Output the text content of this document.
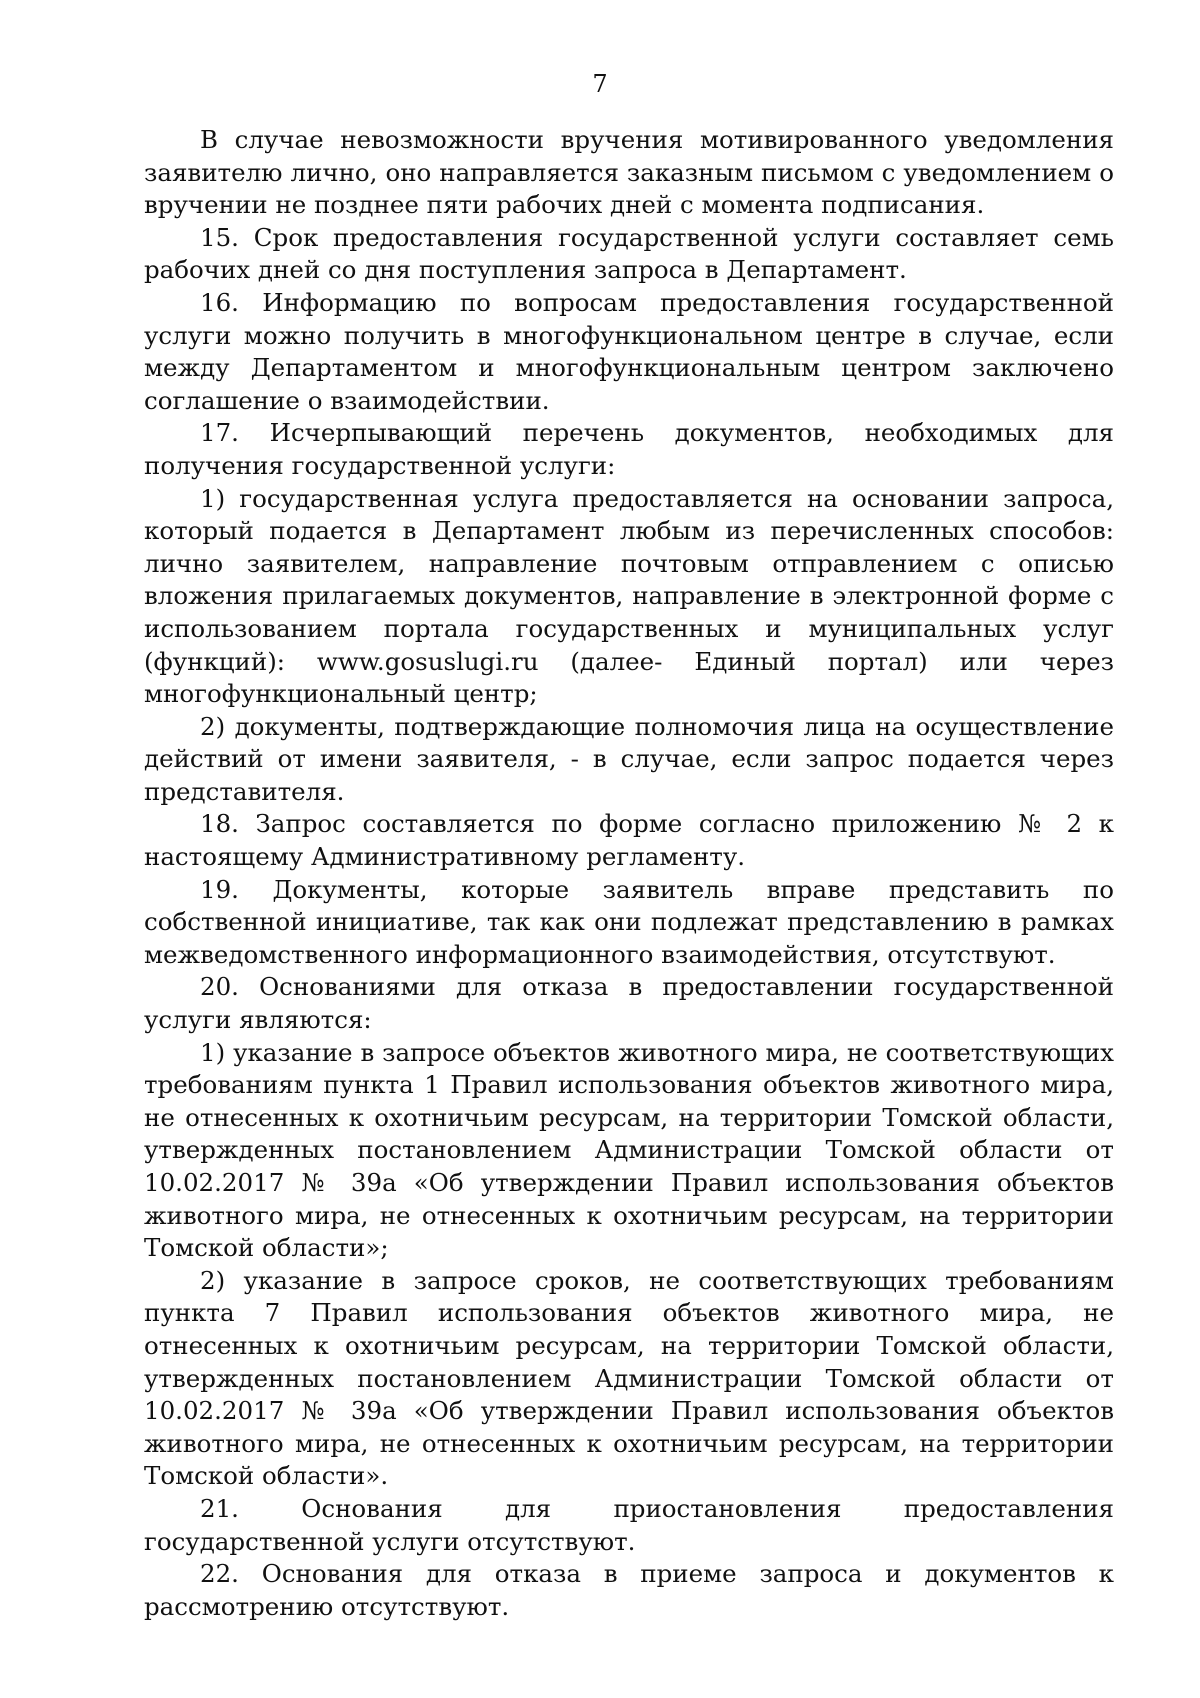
7

В случае невозможности вручения мотивированного уведомления заявителю лично, оно направляется заказным письмом с уведомлением о вручении не позднее пяти рабочих дней с момента подписания.

15. Срок предоставления государственной услуги составляет семь рабочих дней со дня поступления запроса в Департамент.

16. Информацию по вопросам предоставления государственной услуги можно получить в многофункциональном центре в случае, если между Департаментом и многофункциональным центром заключено соглашение о взаимодействии.

17. Исчерпывающий перечень документов, необходимых для получения государственной услуги:

1) государственная услуга предоставляется на основании запроса, который подается в Департамент любым из перечисленных способов: лично заявителем, направление почтовым отправлением с описью вложения прилагаемых документов, направление в электронной форме с использованием портала государственных и муниципальных услуг (функций): www.gosuslugi.ru (далее- Единый портал) или через многофункциональный центр;

2) документы, подтверждающие полномочия лица на осуществление действий от имени заявителя, - в случае, если запрос подается через представителя.

18. Запрос составляется по форме согласно приложению № 2 к настоящему Административному регламенту.

19. Документы, которые заявитель вправе представить по собственной инициативе, так как они подлежат представлению в рамках межведомственного информационного взаимодействия, отсутствуют.

20. Основаниями для отказа в предоставлении государственной услуги являются:

1) указание в запросе объектов животного мира, не соответствующих требованиям пункта 1 Правил использования объектов животного мира, не отнесенных к охотничьим ресурсам, на территории Томской области, утвержденных постановлением Администрации Томской области от 10.02.2017 № 39а «Об утверждении Правил использования объектов животного мира, не отнесенных к охотничьим ресурсам, на территории Томской области»;

2) указание в запросе сроков, не соответствующих требованиям пункта 7 Правил использования объектов животного мира, не отнесенных к охотничьим ресурсам, на территории Томской области, утвержденных постановлением Администрации Томской области от 10.02.2017 № 39а «Об утверждении Правил использования объектов животного мира, не отнесенных к охотничьим ресурсам, на территории Томской области».

21. Основания для приостановления предоставления государственной услуги отсутствуют.

22. Основания для отказа в приеме запроса и документов к рассмотрению отсутствуют.
